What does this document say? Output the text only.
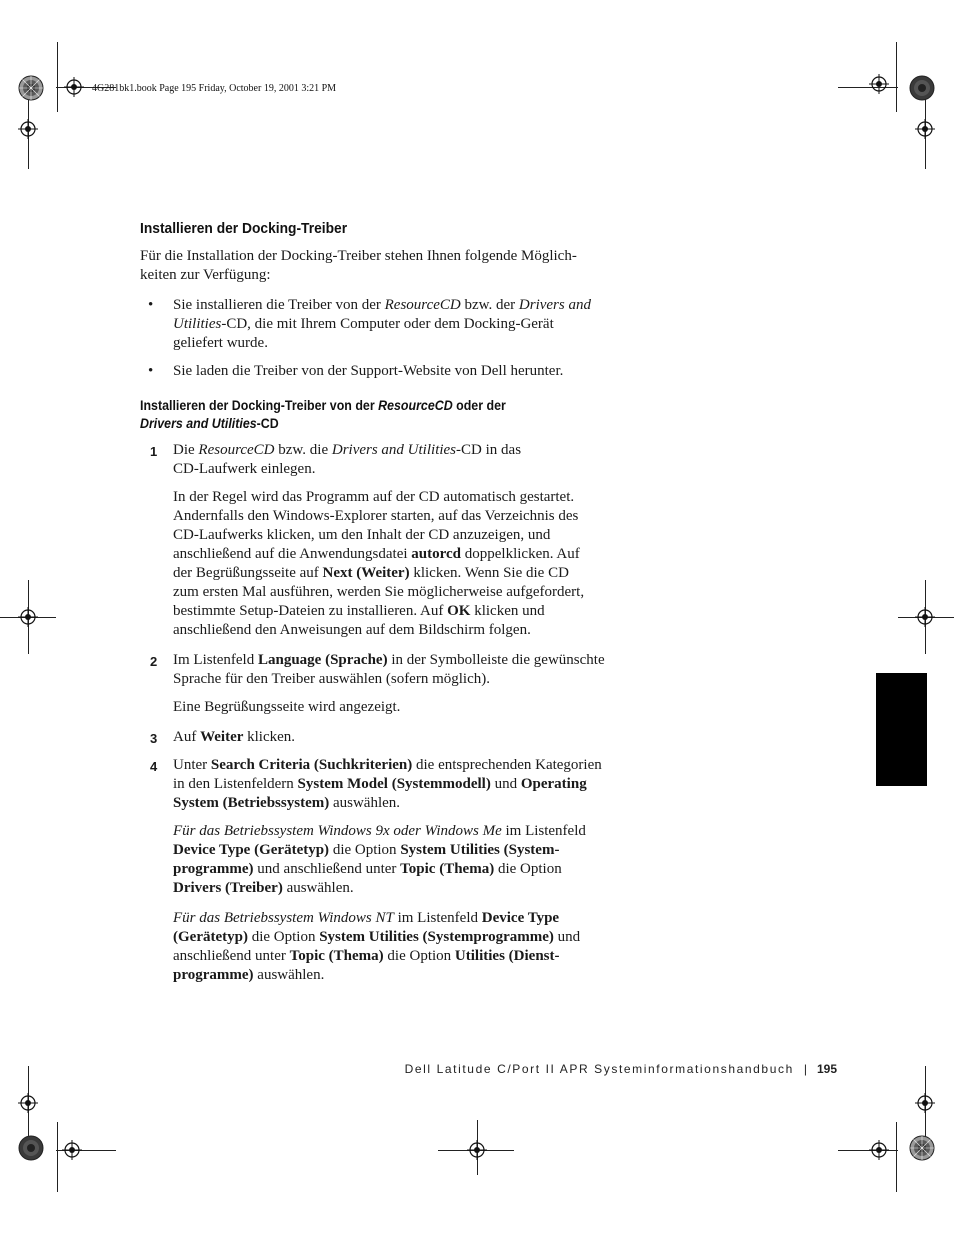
4G281bk1.book Page 195 Friday, October 19, 2001 3:21 PM
Installieren der Docking-Treiber

Für die Installation der Docking-Treiber stehen Ihnen folgende Möglich-
keiten zur Verfügung:

• Sie installieren die Treiber von der ResourceCD bzw. der Drivers and
Utilities-CD, die mit Ihrem Computer oder dem Docking-Gerät
geliefert wurde.
• Sie laden die Treiber von der Support-Website von Dell herunter.
Installieren der Docking-Treiber von der ResourceCD oder der
Drivers and Utilities-CD
1 Die ResourceCD bzw. die Drivers and Utilities-CD in das
CD-Laufwerk einlegen.

In der Regel wird das Programm auf der CD automatisch gestartet.
Andernfalls den Windows-Explorer starten, auf das Verzeichnis des
CD-Laufwerks klicken, um den Inhalt der CD anzuzeigen, und
anschließend auf die Anwendungsdatei autorcd doppelklicken. Auf
der Begrüßungsseite auf Next (Weiter) klicken. Wenn Sie die CD
zum ersten Mal ausführen, werden Sie möglicherweise aufgefordert,
bestimmte Setup-Dateien zu installieren. Auf OK klicken und
anschließend den Anweisungen auf dem Bildschirm folgen.

2 Im Listenfeld Language (Sprache) in der Symbolleiste die gewünschte
Sprache für den Treiber auswählen (sofern möglich).

Eine Begrüßungsseite wird angezeigt.

3 Auf Weiter klicken.
4 Unter Search Criteria (Suchkriterien) die entsprechenden Kategorien
in den Listenfeldern System Model (Systemmodell) und Operating
System (Betriebssystem) auswählen.

Für das Betriebssystem Windows 9x oder Windows Me im Listenfeld
Device Type (Gerätetyp) die Option System Utilities (System-
programme) und anschließend unter Topic (Thema) die Option
Drivers (Treiber) auswählen.

Für das Betriebssystem Windows NT im Listenfeld Device Type
(Gerätetyp) die Option System Utilities (Systemprogramme) und
anschließend unter Topic (Thema) die Option Utilities (Dienst-
programme) auswählen.

Dell Latitude C/Port II APR Systeminformationshandbuch | 195
